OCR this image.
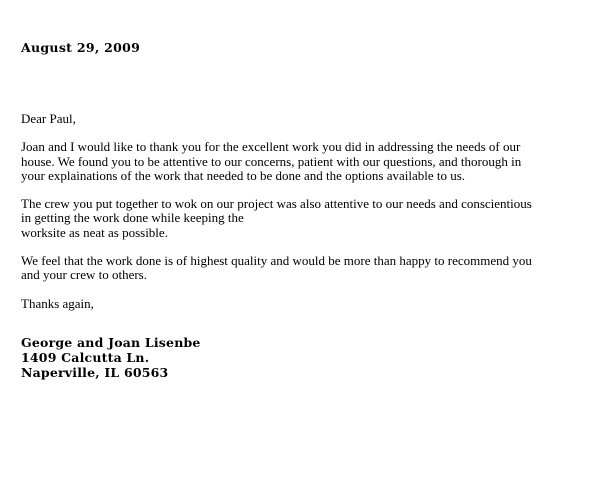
August 29, 2009

Dear Paul,

Joan and I would like to thank you for the excellent work you did in addressing the needs of our
house. We found you to be attentive to our concerns, patient with our questions, and thorough in
your explainations of the work that needed to be done and the options available to us.

The crew you put together to wok on our project was also attentive to our needs and conscientious
in getting the work done while keeping the
worksite as neat as possible.

We feel that the work done is of highest quality and would be more than happy to recommend you
and your crew to others.

Thanks again,

George and Joan Lisenbe
1409 Calcutta Ln.
Naperville, IL 60563
